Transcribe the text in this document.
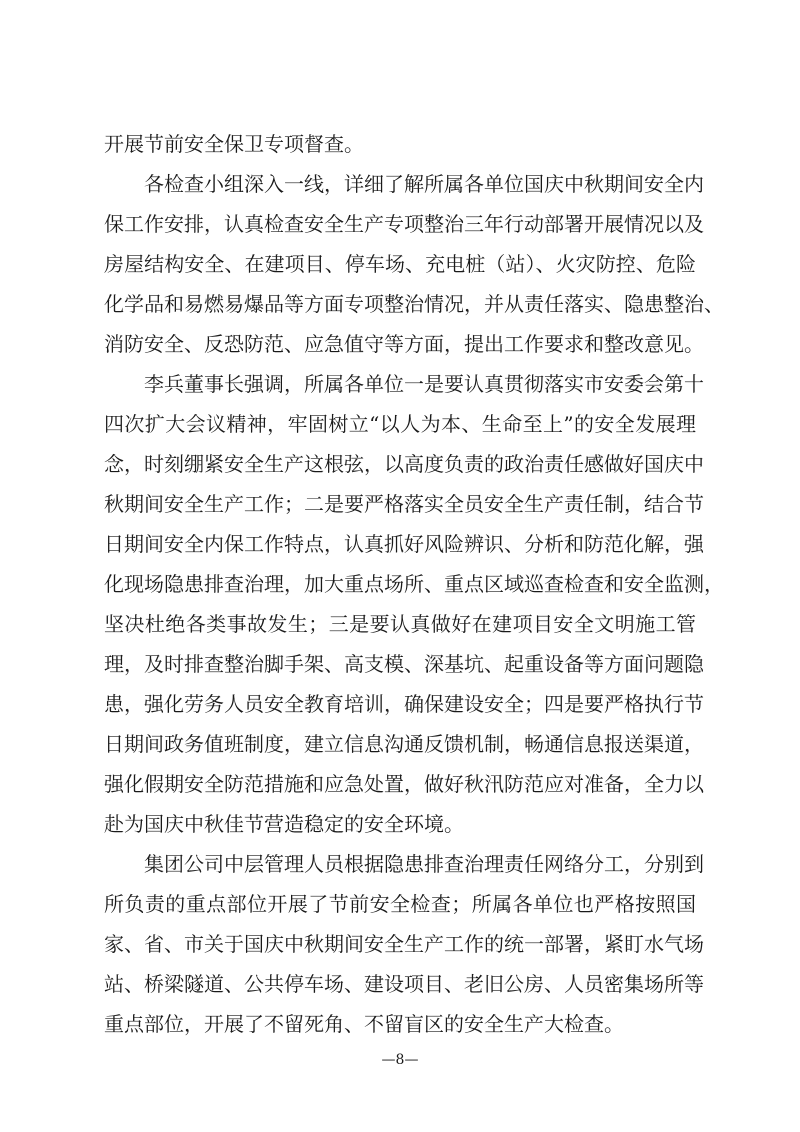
开展节前安全保卫专项督查。
各检查小组深入一线，详细了解所属各单位国庆中秋期间安全内
保工作安排，认真检查安全生产专项整治三年行动部署开展情况以及
房屋结构安全、在建项目、停车场、充电桩（站）、火灾防控、危险
化学品和易燃易爆品等方面专项整治情况，并从责任落实、隐患整治、
消防安全、反恐防范、应急值守等方面，提出工作要求和整改意见。
李兵董事长强调，所属各单位一是要认真贯彻落实市安委会第十
四次扩大会议精神，牢固树立“以人为本、生命至上”的安全发展理
念，时刻绷紧安全生产这根弦，以高度负责的政治责任感做好国庆中
秋期间安全生产工作；二是要严格落实全员安全生产责任制，结合节
日期间安全内保工作特点，认真抓好风险辨识、分析和防范化解，强
化现场隐患排查治理，加大重点场所、重点区域巡查检查和安全监测，
坚决杜绝各类事故发生；三是要认真做好在建项目安全文明施工管
理，及时排查整治脚手架、高支模、深基坑、起重设备等方面问题隐
患，强化劳务人员安全教育培训，确保建设安全；四是要严格执行节
日期间政务值班制度，建立信息沟通反馈机制，畅通信息报送渠道，
强化假期安全防范措施和应急处置，做好秋汛防范应对准备，全力以
赴为国庆中秋佳节营造稳定的安全环境。
集团公司中层管理人员根据隐患排查治理责任网络分工，分别到
所负责的重点部位开展了节前安全检查；所属各单位也严格按照国
家、省、市关于国庆中秋期间安全生产工作的统一部署，紧盯水气场
站、桥梁隧道、公共停车场、建设项目、老旧公房、人员密集场所等
重点部位，开展了不留死角、不留盲区的安全生产大检查。
—8—
